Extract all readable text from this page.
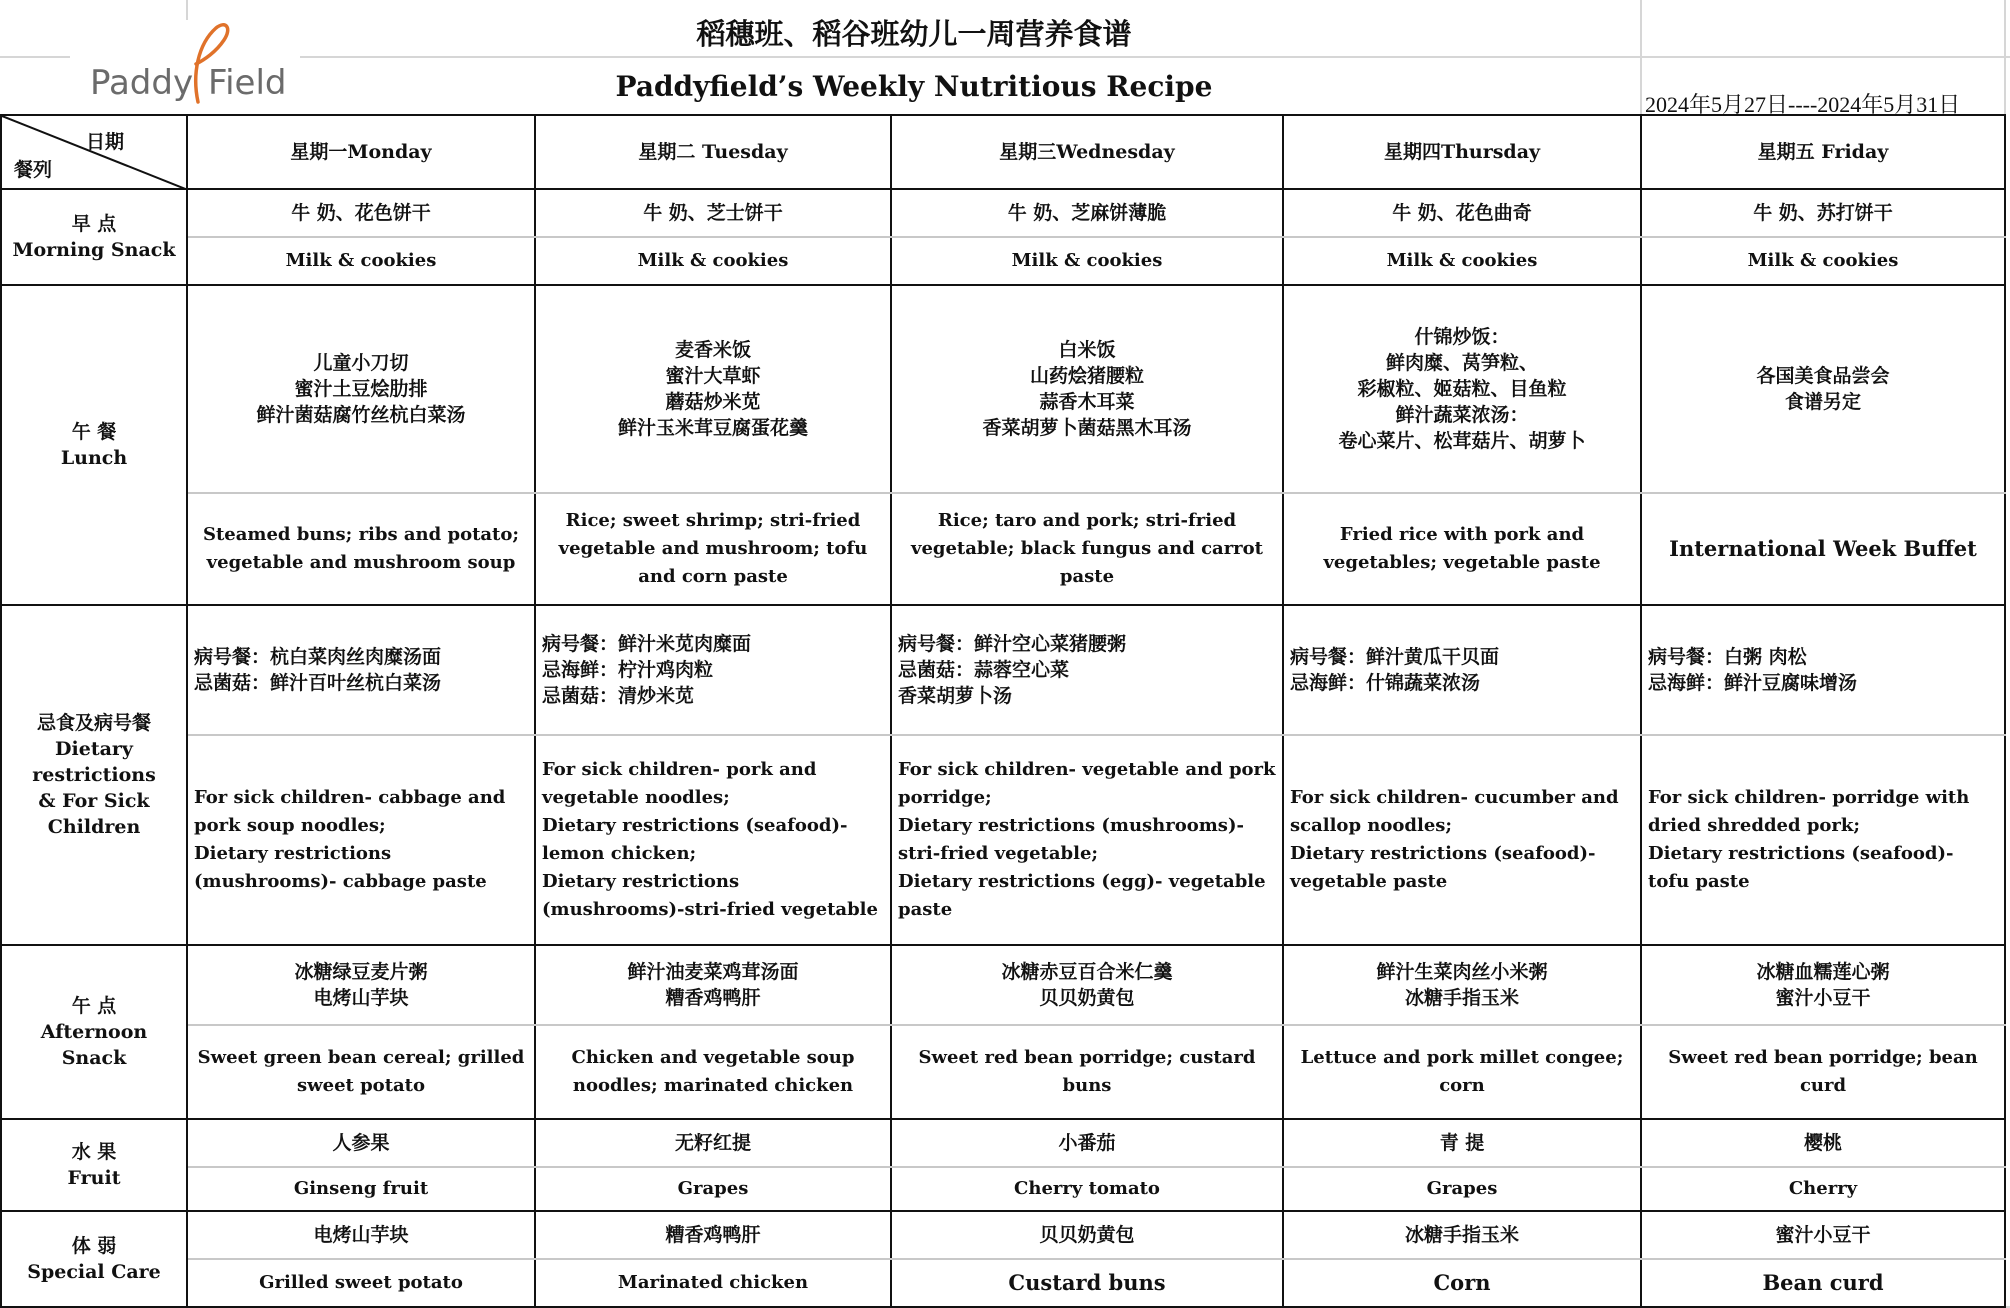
Paddy Field
稻穗班、稻谷班幼儿一周营养食谱
Paddyfield’s Weekly Nutritious Recipe
2024年5月27日----2024年5月31日
日期
餐列	星期一Monday	星期二 Tuesday	星期三Wednesday	星期四Thursday	星期五 Friday
早 点
Morning Snack	牛 奶、花色饼干	牛 奶、芝士饼干	牛 奶、芝麻饼薄脆	牛 奶、花色曲奇	牛 奶、苏打饼干
	Milk & cookies	Milk & cookies	Milk & cookies	Milk & cookies	Milk & cookies
午 餐
Lunch	儿童小刀切
蜜汁土豆烩肋排
鲜汁菌菇腐竹丝杭白菜汤	麦香米饭
蜜汁大草虾
蘑菇炒米苋
鲜汁玉米茸豆腐蛋花羹	白米饭
山药烩猪腰粒
蒜香木耳菜
香菜胡萝卜菌菇黑木耳汤	什锦炒饭：
鲜肉糜、莴笋粒、
彩椒粒、姬菇粒、目鱼粒
鲜汁蔬菜浓汤：
卷心菜片、松茸菇片、胡萝卜	各国美食品尝会
食谱另定
	Steamed buns; ribs and potato; vegetable and mushroom soup	Rice; sweet shrimp; stri-fried vegetable and mushroom; tofu and corn paste	Rice; taro and pork; stri-fried vegetable; black fungus and carrot paste	Fried rice with pork and vegetables; vegetable paste	International Week Buffet
忌食及病号餐
Dietary restrictions
& For Sick Children	病号餐：杭白菜肉丝肉糜汤面
忌菌菇：鲜汁百叶丝杭白菜汤	病号餐：鲜汁米苋肉糜面
忌海鲜：柠汁鸡肉粒
忌菌菇：清炒米苋	病号餐：鲜汁空心菜猪腰粥
忌菌菇：蒜蓉空心菜
香菜胡萝卜汤	病号餐：鲜汁黄瓜干贝面
忌海鲜：什锦蔬菜浓汤	病号餐：白粥 肉松
忌海鲜：鲜汁豆腐味增汤
	For sick children- cabbage and pork soup noodles;
Dietary restrictions (mushrooms)- cabbage paste	For sick children- pork and vegetable noodles;
Dietary restrictions (seafood)- lemon chicken;
Dietary restrictions (mushrooms)-stri-fried vegetable	For sick children- vegetable and pork porridge;
Dietary restrictions (mushrooms)- stri-fried vegetable;
Dietary restrictions (egg)- vegetable paste	For sick children- cucumber and scallop noodles;
Dietary restrictions (seafood)- vegetable paste	For sick children- porridge with dried shredded pork;
Dietary restrictions (seafood)- tofu paste
午 点
Afternoon Snack	冰糖绿豆麦片粥
电烤山芋块	鲜汁油麦菜鸡茸汤面
糟香鸡鸭肝	冰糖赤豆百合米仁羹
贝贝奶黄包	鲜汁生菜肉丝小米粥
冰糖手指玉米	冰糖血糯莲心粥
蜜汁小豆干
	Sweet green bean cereal; grilled sweet potato	Chicken and vegetable soup noodles; marinated chicken	Sweet red bean porridge; custard buns	Lettuce and pork millet congee; corn	Sweet red bean porridge; bean curd
水 果
Fruit	人参果	无籽红提	小番茄	青 提	樱桃
	Ginseng fruit	Grapes	Cherry tomato	Grapes	Cherry
体 弱
Special Care	电烤山芋块	糟香鸡鸭肝	贝贝奶黄包	冰糖手指玉米	蜜汁小豆干
	Grilled sweet potato	Marinated chicken	Custard buns	Corn	Bean curd
